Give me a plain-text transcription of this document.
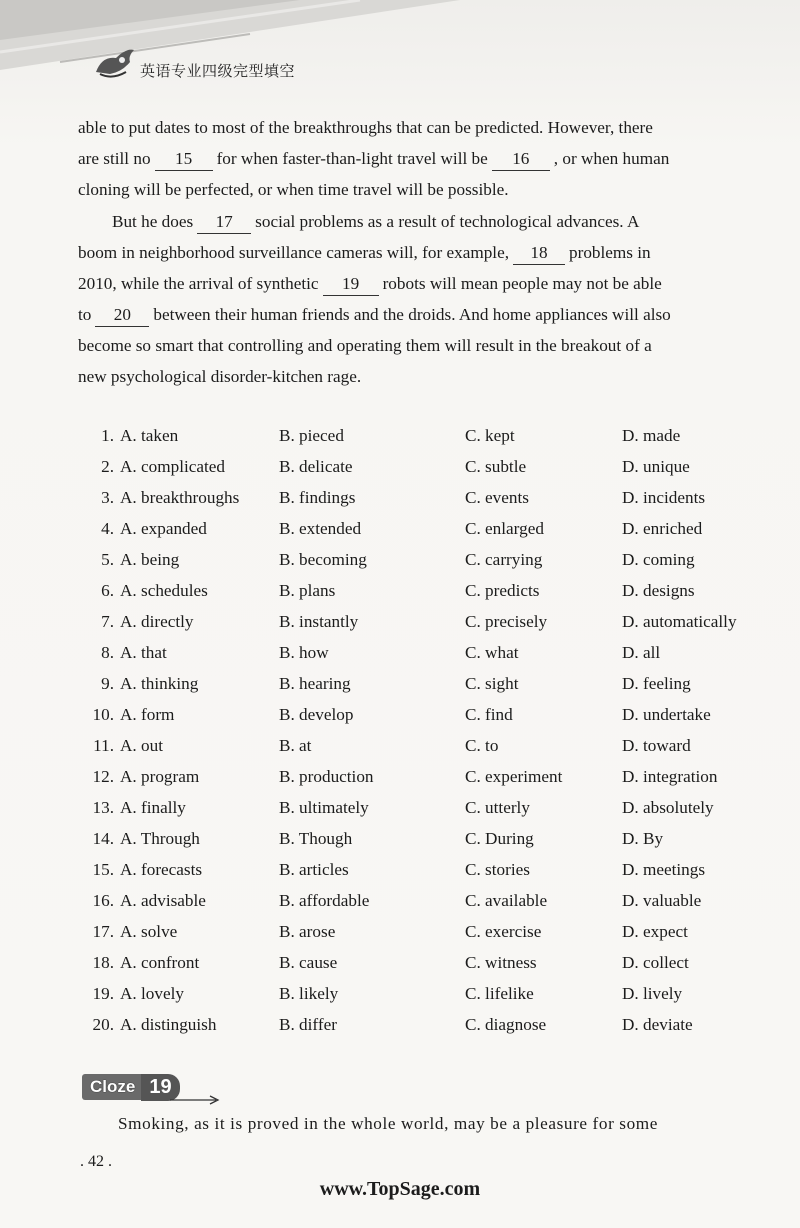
英语专业四级完型填空
able to put dates to most of the breakthroughs that can be predicted. However, there
are still no 15 for when faster-than-light travel will be 16 , or when human
cloning will be perfected, or when time travel will be possible.
But he does 17 social problems as a result of technological advances. A
boom in neighborhood surveillance cameras will, for example, 18 problems in
2010, while the arrival of synthetic 19 robots will mean people may not be able
to 20 between their human friends and the droids. And home appliances will also
become so smart that controlling and operating them will result in the breakout of a
new psychological disorder-kitchen rage.
1. A. taken	B. pieced	C. kept	D. made
2. A. complicated	B. delicate	C. subtle	D. unique
3. A. breakthroughs B. findings	C. events	D. incidents
4. A. expanded	B. extended	C. enlarged	D. enriched
5. A. being	B. becoming	C. carrying	D. coming
6. A. schedules	B. plans	C. predicts	D. designs
7. A. directly	B. instantly	C. precisely	D. automatically
8. A. that	B. how	C. what	D. all
9. A. thinking	B. hearing	C. sight	D. feeling
10. A. form	B. develop	C. find	D. undertake
11. A. out	B. at	C. to	D. toward
12. A. program	B. production	C. experiment	D. integration
13. A. finally	B. ultimately	C. utterly	D. absolutely
14. A. Through	B. Though	C. During	D. By
15. A. forecasts	B. articles	C. stories	D. meetings
16. A. advisable	B. affordable	C. available	D. valuable
17. A. solve	B. arose	C. exercise	D. expect
18. A. confront	B. cause	C. witness	D. collect
19. A. lovely	B. likely	C. lifelike	D. lively
20. A. distinguish	B. differ	C. diagnose	D. deviate
Cloze 19
Smoking, as it is proved in the whole world, may be a pleasure for some
. 42 .
www.TopSage.com
